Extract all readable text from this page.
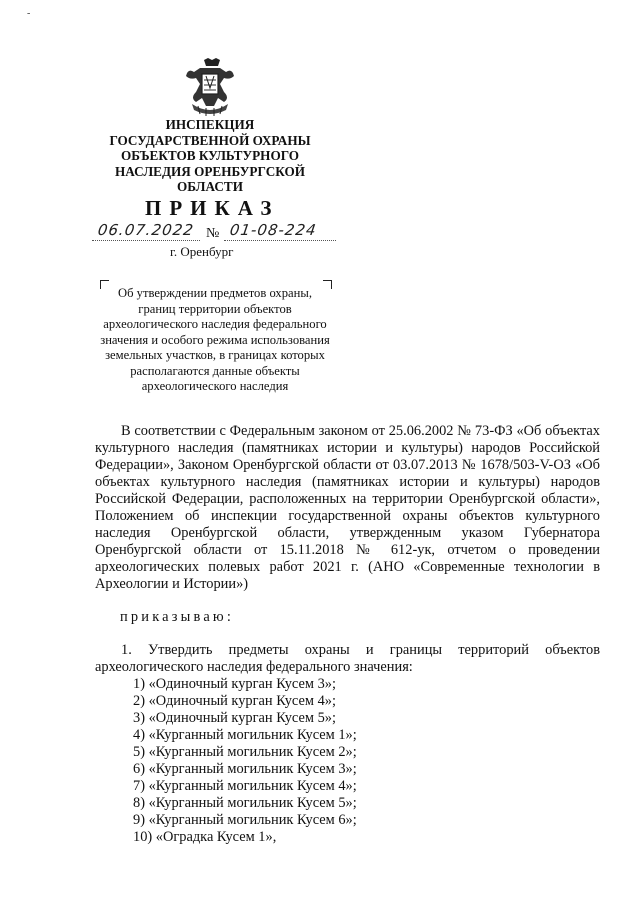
-
ИНСПЕКЦИЯ ГОСУДАРСТВЕННОЙ ОХРАНЫ ОБЪЕКТОВ КУЛЬТУРНОГО НАСЛЕДИЯ ОРЕНБУРГСКОЙ ОБЛАСТИ
ПРИКАЗ
06.07.2022 № 01-08-224
г. Оренбург
Об утверждении предметов охраны, границ территории объектов археологического наследия федерального значения и особого режима использования земельных участков, в границах которых располагаются данные объекты археологического наследия

В соответствии с Федеральным законом от 25.06.2002 № 73-ФЗ «Об объектах культурного наследия (памятниках истории и культуры) народов Российской Федерации», Законом Оренбургской области от 03.07.2013 № 1678/503-V-ОЗ «Об объектах культурного наследия (памятниках истории и культуры) народов Российской Федерации, расположенных на территории Оренбургской области», Положением об инспекции государственной охраны объектов культурного наследия Оренбургской области, утвержденным указом Губернатора Оренбургской области от 15.11.2018 № 612-ук, отчетом о проведении археологических полевых работ 2021 г. (АНО «Современные технологии в Археологии и Истории»)

приказываю:

1. Утвердить предметы охраны и границы территорий объектов археологического наследия федерального значения:

1) «Одиночный курган Кусем 3»;
2) «Одиночный курган Кусем 4»;
3) «Одиночный курган Кусем 5»;
4) «Курганный могильник Кусем 1»;
5) «Курганный могильник Кусем 2»;
6) «Курганный могильник Кусем 3»;
7) «Курганный могильник Кусем 4»;
8) «Курганный могильник Кусем 5»;
9) «Курганный могильник Кусем 6»;
10) «Оградка Кусем 1»,
